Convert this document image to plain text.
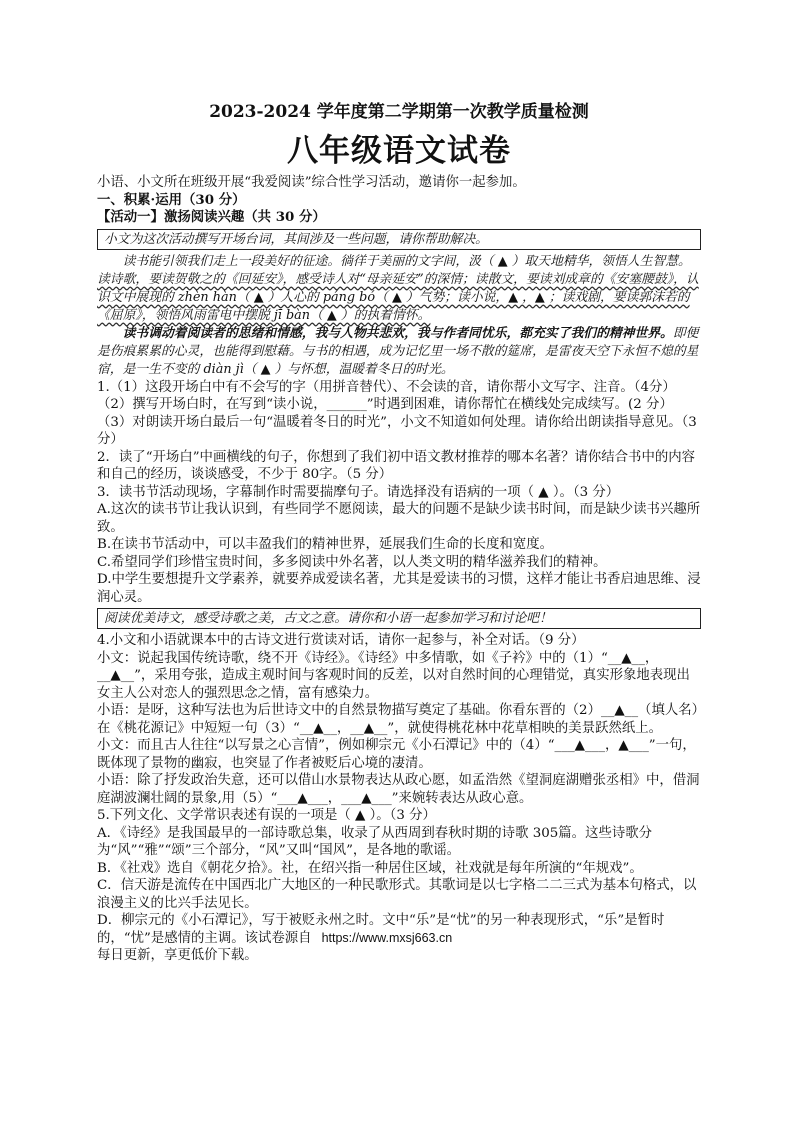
2023-2024 学年度第二学期第一次教学质量检测

八年级语文试卷

小语、小文所在班级开展“我爱阅读”综合性学习活动，邀请你一起参加。

一、积累·运用（30 分）

【活动一】激扬阅读兴趣（共 30 分）

小文为这次活动撰写开场台词，其间涉及一些问题，请你帮助解决。

读书能引领我们走上一段美好的征途。徜徉于美丽的文字间，汲（ ▲ ）取天地精华，领悟人生智慧。读诗歌，要读贺敬之的《回延安》，感受诗人对“母亲延安”的深情；读散文，要读刘成章的《安塞腰鼓》，认识文中展现的 zhèn hàn（ ▲ ）人心的 páng bó（ ▲ ）气势；读小说，▲ ，▲ ；读戏剧，要读郭沫若的《屈原》，领悟风雨雷电中摆脱 jī bàn（ ▲ ）的执着情怀。

读书调动着阅读者的思绪和情感，我与人物共悲欢，我与作者同忧乐，都充实了我们的精神世界。即便是伤痕累累的心灵，也能得到慰藉。与书的相遇，成为记忆里一场不散的筵席，是雷夜天空下永恒不熄的星宿，是一生不变的 diàn jì（ ▲ ）与怀想，温暖着冬日的时光。

1.（1）这段开场白中有不会写的字（用拼音替代）、不会读的音，请你帮小文写字、注音。（4分）

（2）撰写开场白时，在写到“读小说，______”时遇到困难，请你帮忙在横线处完成续写。(2 分）

（3）对朗读开场白最后一句“温暖着冬日的时光”，小文不知道如何处理。请你给出朗读指导意见。（3分）

2．读了“开场白”中画横线的句子，你想到了我们初中语文教材推荐的哪本名著？请你结合书中的内容和自己的经历，谈谈感受，不少于 80字。（5 分）

3．读书节活动现场，字幕制作时需要揣摩句子。请选择没有语病的一项（ ▲ ）。（3 分）

A.这次的读书节让我认识到，有些同学不愿阅读，最大的问题不是缺少读书时间，而是缺少读书兴趣所致。

B.在读书节活动中，可以丰盈我们的精神世界，延展我们生命的长度和宽度。

C.希望同学们珍惜宝贵时间，多多阅读中外名著，以人类文明的精华滋养我们的精神。

D.中学生要想提升文学素养，就要养成爱读名著，尤其是爱读书的习惯，这样才能让书香启迪思维、浸润心灵。

阅读优美诗文，感受诗歌之美，古文之意。请你和小语一起参加学习和讨论吧！

4.小文和小语就课本中的古诗文进行赏读对话，请你一起参与，补全对话。（9 分）

小文：说起我国传统诗歌，绕不开《诗经》。《诗经》中多情歌，如《子衿》中的（1）“__▲__，__▲__”，采用夸张，造成主观时间与客观时间的反差，以对自然时间的心理错觉，真实形象地表现出女主人公对恋人的强烈思念之情，富有感染力。

小语：是呀，这种写法也为后世诗文中的自然景物描写奠定了基础。你看东晋的（2）__▲__（填人名）在《桃花源记》中短短一句（3）“__▲__，__▲__”，就使得桃花林中花草相映的美景跃然纸上。

小文：而且古人往往“以写景之心言情”，例如柳宗元《小石潭记》中的（4）“___▲___，▲___”一句，既体现了景物的幽寂，也突显了作者被贬后心境的凄清。

小语：除了抒发政治失意，还可以借山水景物表达从政心愿，如孟浩然《望洞庭湖赠张丞相》中，借洞庭湖波澜壮阔的景象,用（5）“___▲___，___▲___”来婉转表达从政心意。

5.下列文化、文学常识表述有误的一项是（ ▲ ）。（3 分）

A．《诗经》是我国最早的一部诗歌总集，收录了从西周到春秋时期的诗歌 305篇。这些诗歌分为“风”“雅”“颂”三个部分，“风”又叫“国风”，是各地的歌谣。

B．《社戏》选自《朝花夕拾》。社，在绍兴指一种居住区域，社戏就是每年所演的“年规戏”。

C．信天游是流传在中国西北广大地区的一种民歌形式。其歌词是以七字格二二三式为基本句格式，以浪漫主义的比兴手法见长。

D．柳宗元的《小石潭记》，写于被贬永州之时。文中“乐”是“忧”的另一种表现形式，“乐”是暂时的，“忧”是感情的主调。该试卷源自 https://www.mxsj663.cn

每日更新，享更低价下载。
